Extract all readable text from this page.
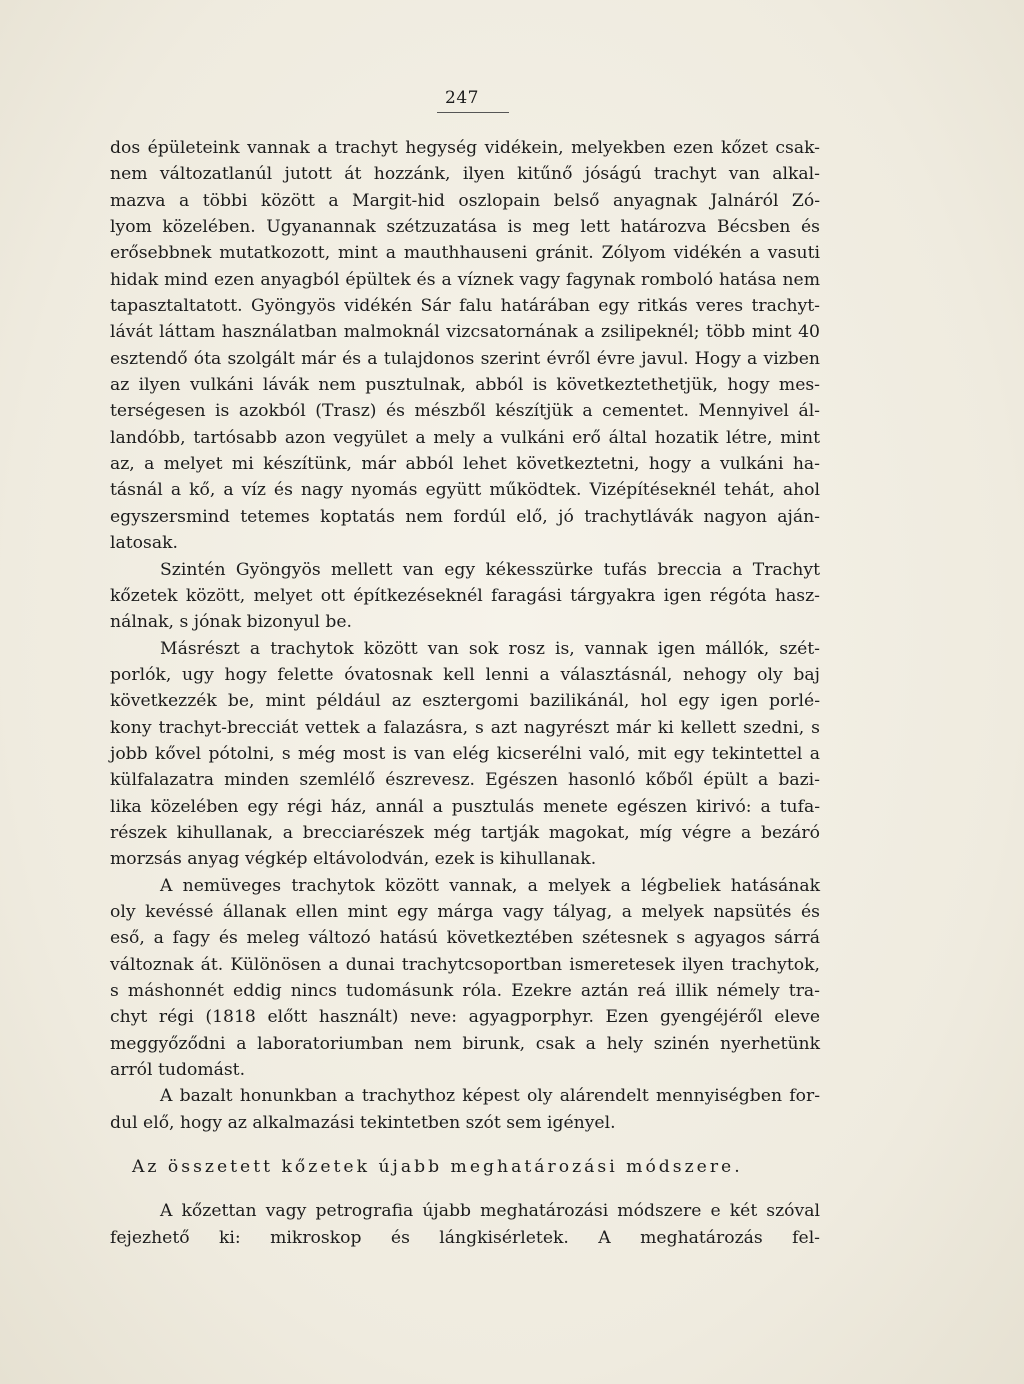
247
dos épületeink vannak a trachyt hegység vidékein, melyekben ezen kőzet csak-
nem változatlanúl jutott át hozzánk, ilyen kitűnő jóságú trachyt van alkal-
mazva a többi között a Margit-hid oszlopain belső anyagnak Jalnáról Zó-
lyom közelében. Ugyanannak szétzuzatása is meg lett határozva Bécsben és
erősebbnek mutatkozott, mint a mauthhauseni gránit. Zólyom vidékén a vasuti
hidak mind ezen anyagból épültek és a víznek vagy fagynak romboló hatása nem
tapasztaltatott. Gyöngyös vidékén Sár falu határában egy ritkás veres trachyt-
lávát láttam használatban malmoknál vizcsatornának a zsilipeknél; több mint 40
esztendő óta szolgált már és a tulajdonos szerint évről évre javul. Hogy a vizben
az ilyen vulkáni lávák nem pusztulnak, abból is következtethetjük, hogy mes-
terségesen is azokból (Trasz) és mészből készítjük a cementet. Mennyivel ál-
landóbb, tartósabb azon vegyület a mely a vulkáni erő által hozatik létre, mint
az, a melyet mi készítünk, már abból lehet következtetni, hogy a vulkáni ha-
tásnál a kő, a víz és nagy nyomás együtt működtek. Vizépítéseknél tehát, ahol
egyszersmind tetemes koptatás nem fordúl elő, jó trachytlávák nagyon aján-
latosak.
Szintén Gyöngyös mellett van egy kékesszürke tufás breccia a Trachyt
kőzetek között, melyet ott építkezéseknél faragási tárgyakra igen régóta hasz-
nálnak, s jónak bizonyul be.
Másrészt a trachytok között van sok rosz is, vannak igen mállók, szét-
porlók, ugy hogy felette óvatosnak kell lenni a választásnál, nehogy oly baj
következzék be, mint például az esztergomi bazilikánál, hol egy igen porlé-
kony trachyt-brecciát vettek a falazásra, s azt nagyrészt már ki kellett szedni, s
jobb kővel pótolni, s még most is van elég kicserélni való, mit egy tekintettel a
külfalazatra minden szemlélő észrevesz. Egészen hasonló kőből épült a bazi-
lika közelében egy régi ház, annál a pusztulás menete egészen kirivó: a tufa-
részek kihullanak, a brecciarészek még tartják magokat, míg végre a bezáró
morzsás anyag végkép eltávolodván, ezek is kihullanak.
A nemüveges trachytok között vannak, a melyek a légbeliek hatásának
oly kevéssé állanak ellen mint egy márga vagy tályag, a melyek napsütés és
eső, a fagy és meleg változó hatású következtében szétesnek s agyagos sárrá
változnak át. Különösen a dunai trachytcsoportban ismeretesek ilyen trachytok,
s máshonnét eddig nincs tudomásunk róla. Ezekre aztán reá illik némely tra-
chyt régi (1818 előtt használt) neve: agyagporphyr. Ezen gyengéjéről eleve
meggyőződni a laboratoriumban nem birunk, csak a hely szinén nyerhetünk
arról tudomást.
A bazalt honunkban a trachythoz képest oly alárendelt mennyiségben for-
dul elő, hogy az alkalmazási tekintetben szót sem igényel.
Az összetett kőzetek újabb meghatározási módszere.
A kőzettan vagy petrografia újabb meghatározási módszere e két szóval
fejezhető ki: mikroskop és lángkisérletek. A meghatározás fel-
